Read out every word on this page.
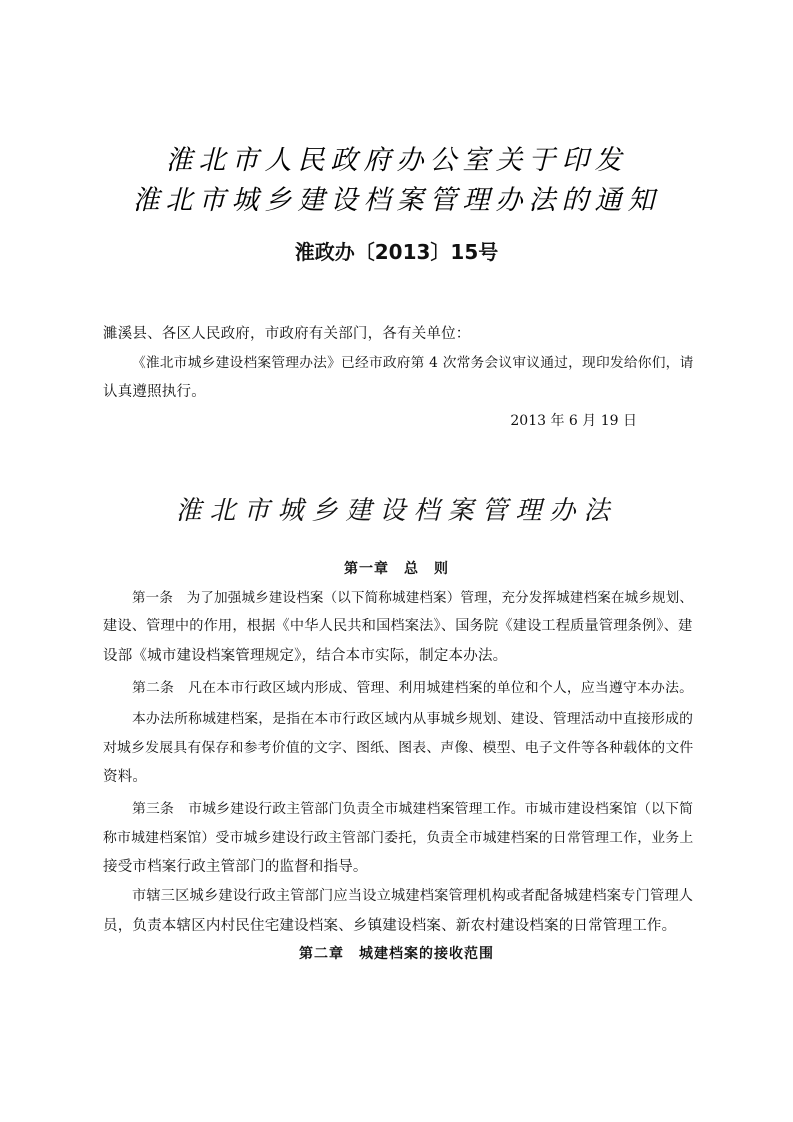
淮北市人民政府办公室关于印发
淮北市城乡建设档案管理办法的通知
淮政办〔2013〕15号
濉溪县、各区人民政府，市政府有关部门，各有关单位：
《淮北市城乡建设档案管理办法》已经市政府第 4 次常务会议审议通过，现印发给你们，请
认真遵照执行。
2013 年 6 月 19 日
淮北市城乡建设档案管理办法
第一章　总　则
第一条　为了加强城乡建设档案（以下简称城建档案）管理，充分发挥城建档案在城乡规划、
建设、管理中的作用，根据《中华人民共和国档案法》、国务院《建设工程质量管理条例》、建
设部《城市建设档案管理规定》，结合本市实际，制定本办法。
第二条　凡在本市行政区域内形成、管理、利用城建档案的单位和个人，应当遵守本办法。
本办法所称城建档案，是指在本市行政区域内从事城乡规划、建设、管理活动中直接形成的
对城乡发展具有保存和参考价值的文字、图纸、图表、声像、模型、电子文件等各种载体的文件
资料。
第三条　市城乡建设行政主管部门负责全市城建档案管理工作。市城市建设档案馆（以下简
称市城建档案馆）受市城乡建设行政主管部门委托，负责全市城建档案的日常管理工作，业务上
接受市档案行政主管部门的监督和指导。
市辖三区城乡建设行政主管部门应当设立城建档案管理机构或者配备城建档案专门管理人
员，负责本辖区内村民住宅建设档案、乡镇建设档案、新农村建设档案的日常管理工作。
第二章　城建档案的接收范围
